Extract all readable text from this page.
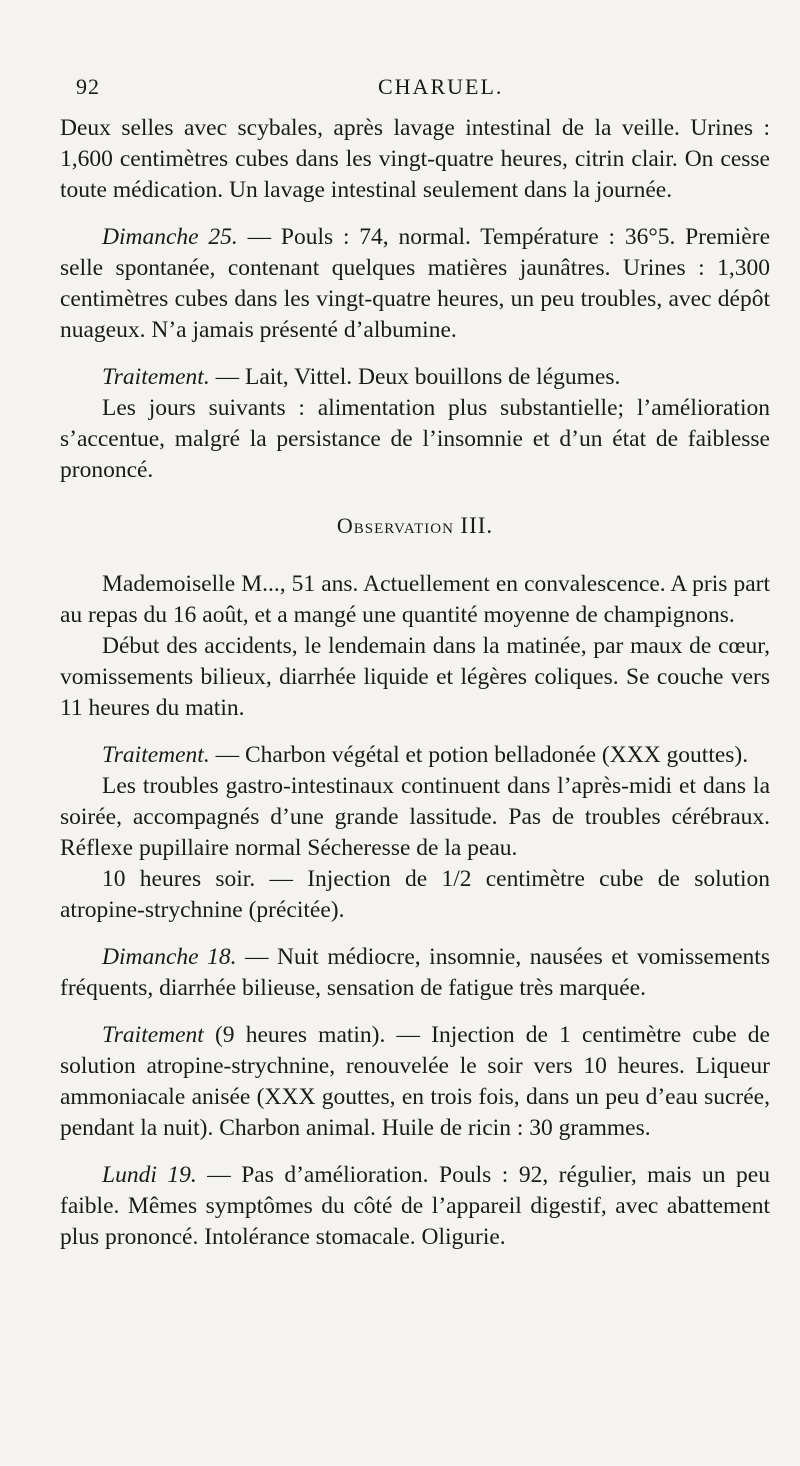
92	CHARUEL.

Deux selles avec scybales, après lavage intestinal de la veille. Urines : 1,600 centimètres cubes dans les vingt-quatre heures, citrin clair. On cesse toute médication. Un lavage intestinal seulement dans la journée.

Dimanche 25. — Pouls : 74, normal. Température : 36°5. Première selle spontanée, contenant quelques matières jaunâtres. Urines : 1,300 centimètres cubes dans les vingt-quatre heures, un peu troubles, avec dépôt nuageux. N’a jamais présenté d’albumine.

Traitement. — Lait, Vittel. Deux bouillons de légumes.

Les jours suivants : alimentation plus substantielle; l’amélioration s’accentue, malgré la persistance de l’insomnie et d’un état de faiblesse prononcé.

Observation III.

Mademoiselle M..., 51 ans. Actuellement en convalescence. A pris part au repas du 16 août, et a mangé une quantité moyenne de champignons.

Début des accidents, le lendemain dans la matinée, par maux de cœur, vomissements bilieux, diarrhée liquide et légères coliques. Se couche vers 11 heures du matin.

Traitement. — Charbon végétal et potion belladonée (XXX gouttes).

Les troubles gastro-intestinaux continuent dans l’après-midi et dans la soirée, accompagnés d’une grande lassitude. Pas de troubles cérébraux. Réflexe pupillaire normal Sécheresse de la peau.

10 heures soir. — Injection de 1/2 centimètre cube de solution atropine-strychnine (précitée).

Dimanche 18. — Nuit médiocre, insomnie, nausées et vomissements fréquents, diarrhée bilieuse, sensation de fatigue très marquée.

Traitement (9 heures matin). — Injection de 1 centimètre cube de solution atropine-strychnine, renouvelée le soir vers 10 heures. Liqueur ammoniacale anisée (XXX gouttes, en trois fois, dans un peu d’eau sucrée, pendant la nuit). Charbon animal. Huile de ricin : 30 grammes.

Lundi 19. — Pas d’amélioration. Pouls : 92, régulier, mais un peu faible. Mêmes symptômes du côté de l’appareil digestif, avec abattement plus prononcé. Intolérance stomacale. Oligurie.
